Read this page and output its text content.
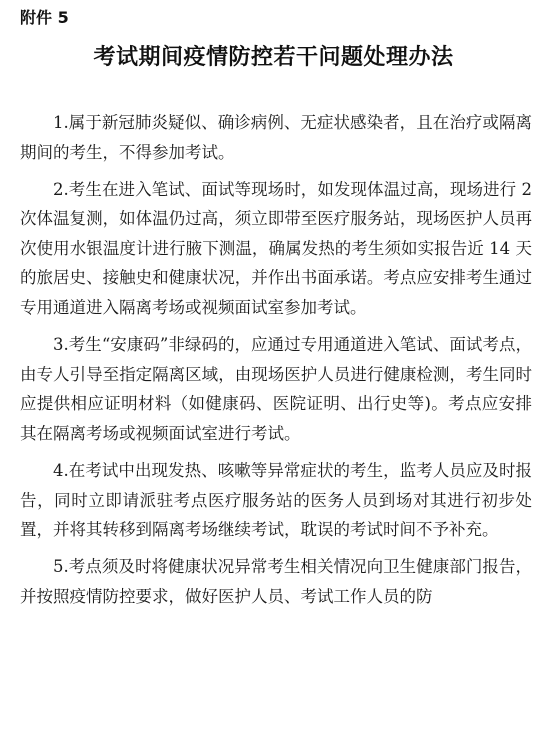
附件 5
考试期间疫情防控若干问题处理办法

1.属于新冠肺炎疑似、确诊病例、无症状感染者，且在治疗或隔离期间的考生，不得参加考试。

2.考生在进入笔试、面试等现场时，如发现体温过高，现场进行 2 次体温复测，如体温仍过高，须立即带至医疗服务站，现场医护人员再次使用水银温度计进行腋下测温，确属发热的考生须如实报告近 14 天的旅居史、接触史和健康状况，并作出书面承诺。考点应安排考生通过专用通道进入隔离考场或视频面试室参加考试。

3.考生“安康码”非绿码的，应通过专用通道进入笔试、面试考点，由专人引导至指定隔离区域，由现场医护人员进行健康检测，考生同时应提供相应证明材料（如健康码、医院证明、出行史等)。考点应安排其在隔离考场或视频面试室进行考试。

4.在考试中出现发热、咳嗽等异常症状的考生，监考人员应及时报告，同时立即请派驻考点医疗服务站的医务人员到场对其进行初步处置，并将其转移到隔离考场继续考试，耽误的考试时间不予补充。

5.考点须及时将健康状况异常考生相关情况向卫生健康部门报告，并按照疫情防控要求，做好医护人员、考试工作人员的防
